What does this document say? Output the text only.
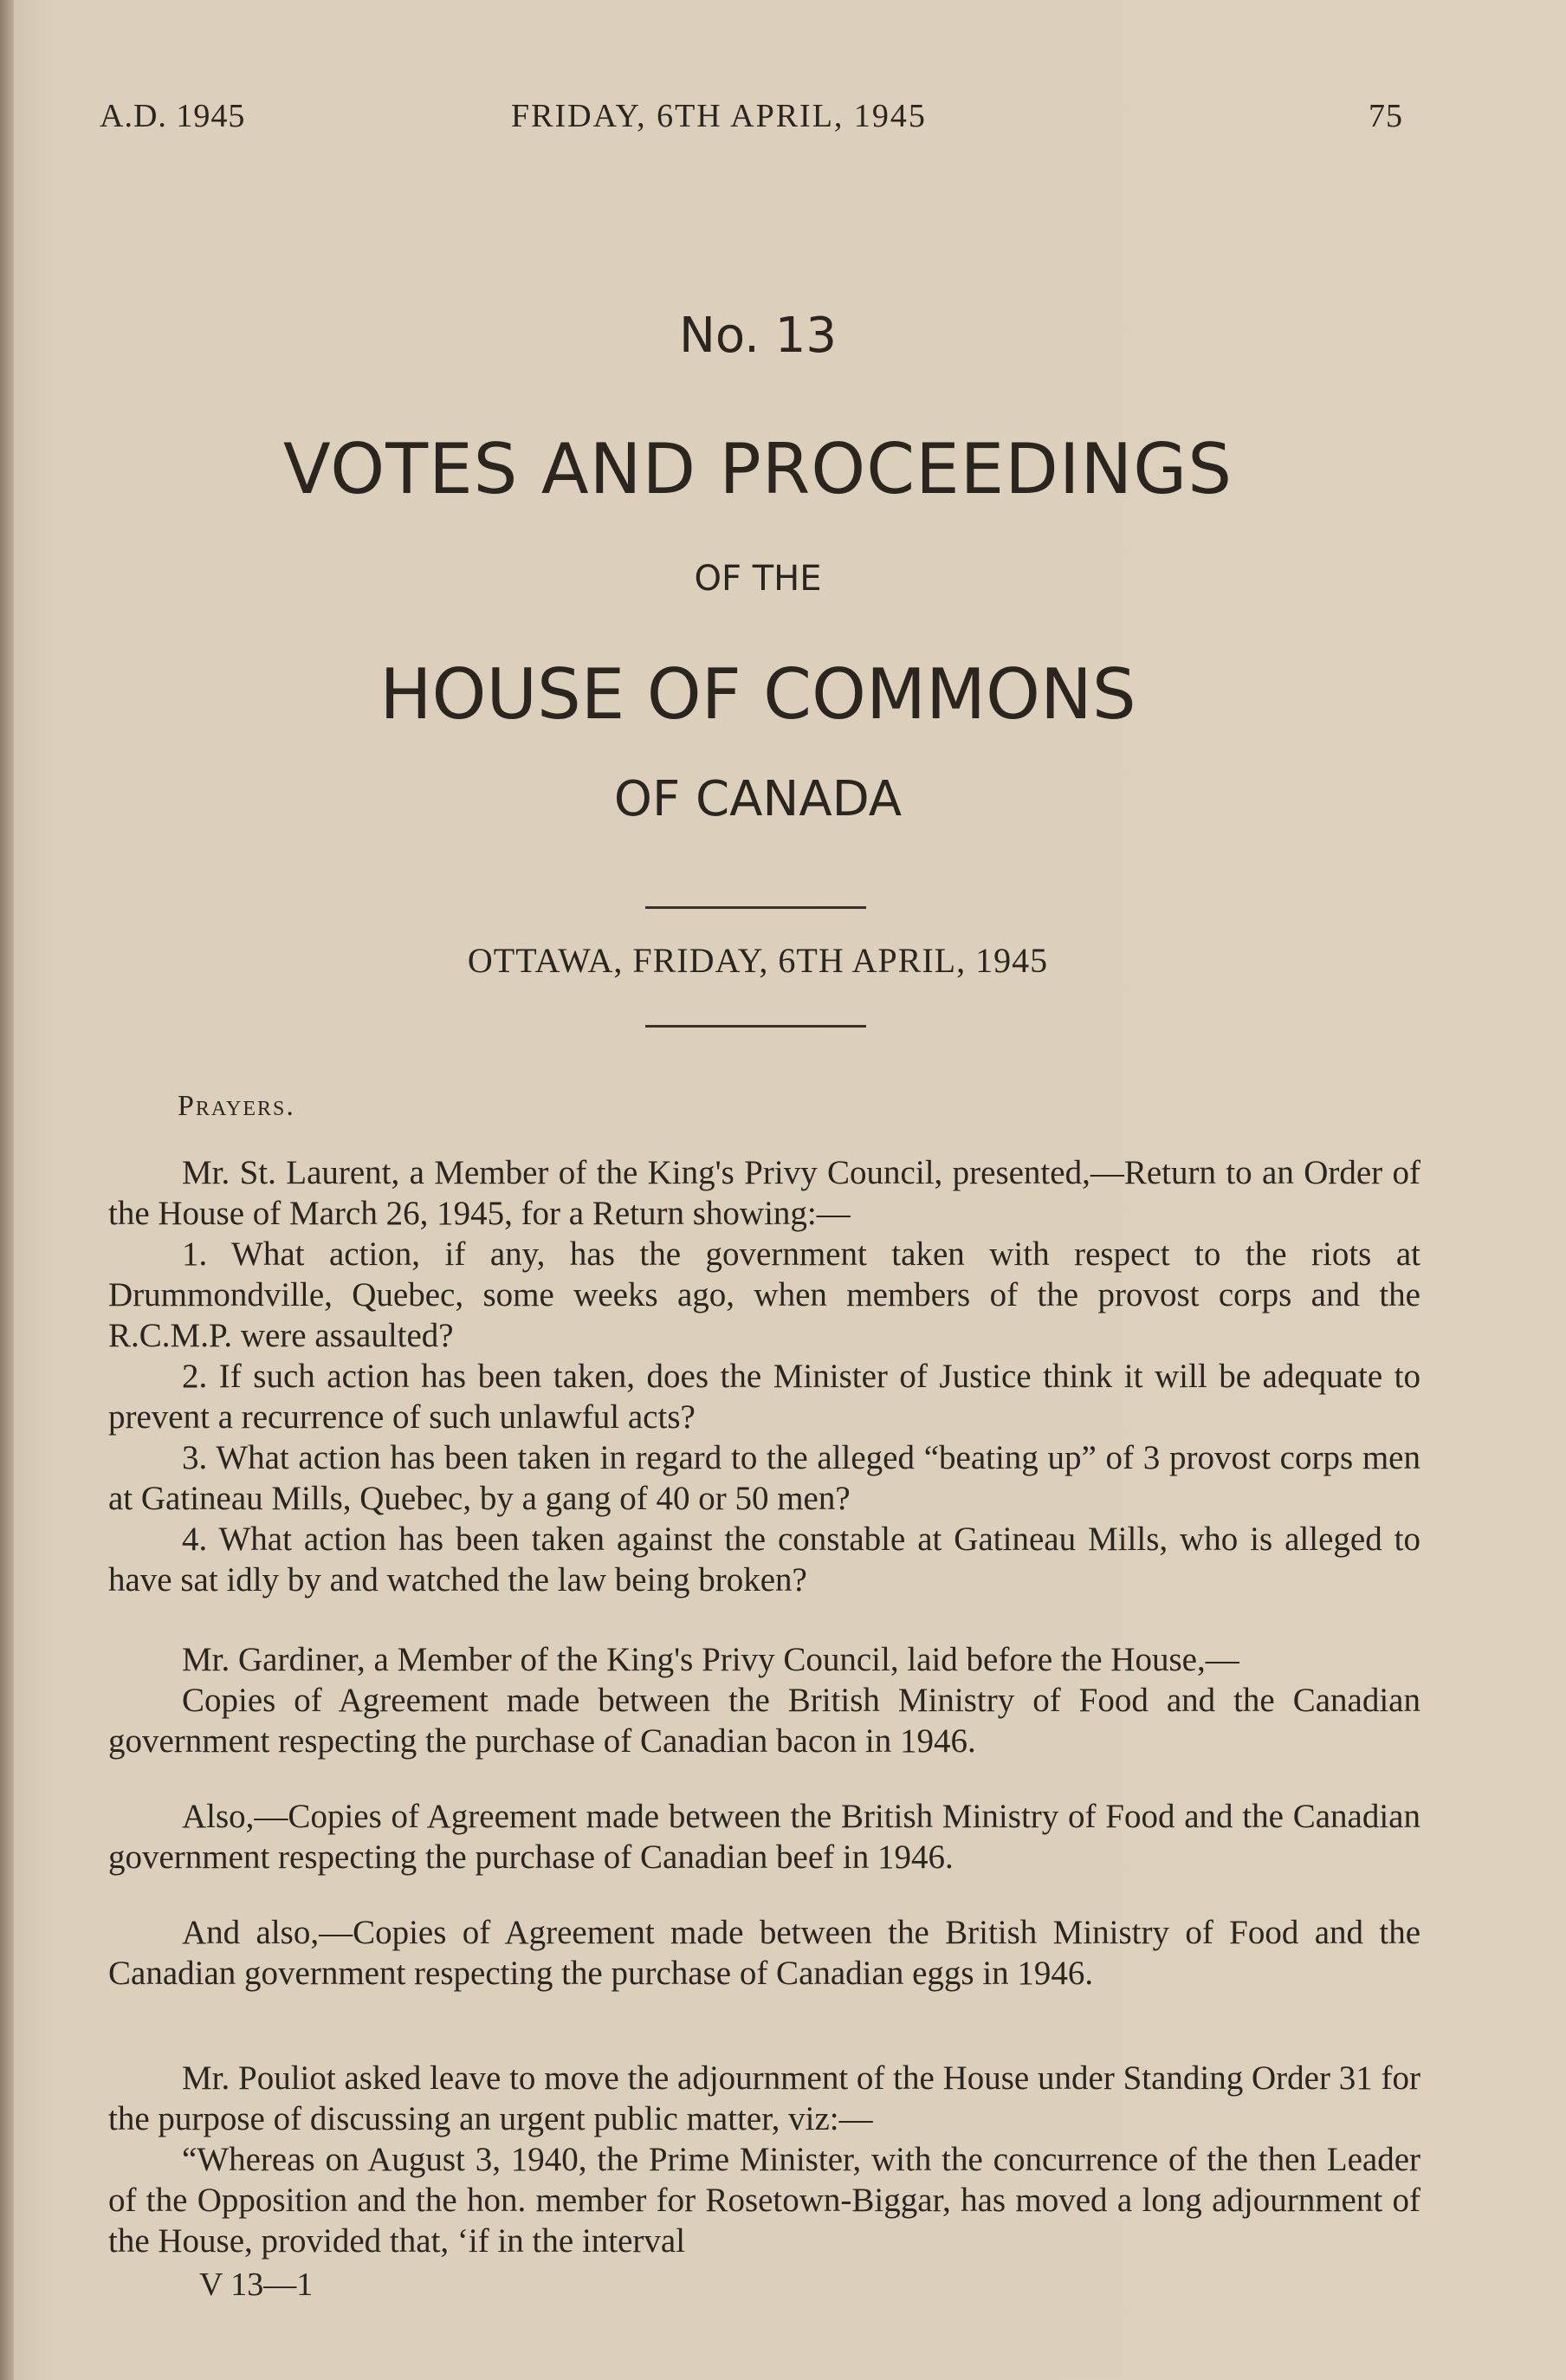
A.D. 1945	FRIDAY, 6TH APRIL, 1945	75
No. 13
VOTES AND PROCEEDINGS
OF THE
HOUSE OF COMMONS
OF CANADA
OTTAWA, FRIDAY, 6TH APRIL, 1945
Prayers.

Mr. St. Laurent, a Member of the King's Privy Council, presented,—Return to an Order of the House of March 26, 1945, for a Return showing:—

1. What action, if any, has the government taken with respect to the riots at Drummondville, Quebec, some weeks ago, when members of the provost corps and the R.C.M.P. were assaulted?

2. If such action has been taken, does the Minister of Justice think it will be adequate to prevent a recurrence of such unlawful acts?

3. What action has been taken in regard to the alleged “beating up” of 3 provost corps men at Gatineau Mills, Quebec, by a gang of 40 or 50 men?

4. What action has been taken against the constable at Gatineau Mills, who is alleged to have sat idly by and watched the law being broken?

Mr. Gardiner, a Member of the King's Privy Council, laid before the House,—

Copies of Agreement made between the British Ministry of Food and the Canadian government respecting the purchase of Canadian bacon in 1946.

Also,—Copies of Agreement made between the British Ministry of Food and the Canadian government respecting the purchase of Canadian beef in 1946.

And also,—Copies of Agreement made between the British Ministry of Food and the Canadian government respecting the purchase of Canadian eggs in 1946.

Mr. Pouliot asked leave to move the adjournment of the House under Standing Order 31 for the purpose of discussing an urgent public matter, viz:—

“Whereas on August 3, 1940, the Prime Minister, with the concurrence of the then Leader of the Opposition and the hon. member for Rosetown-Biggar, has moved a long adjournment of the House, provided that, ‘if in the interval

V 13—1
